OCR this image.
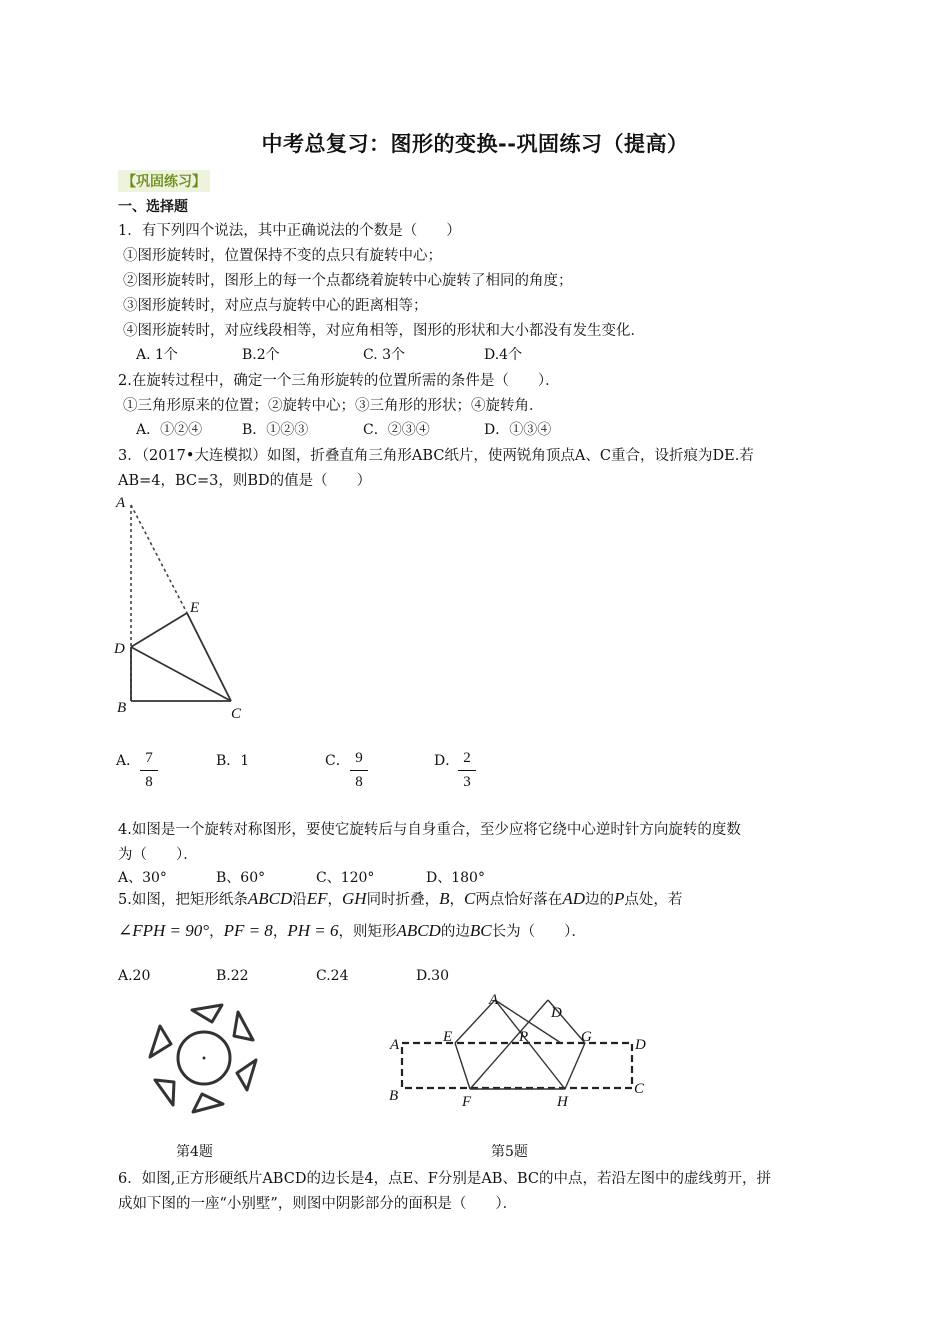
中考总复习：图形的变换--巩固练习（提高）
【巩固练习】
一、选择题
1．有下列四个说法，其中正确说法的个数是（　　）
①图形旋转时，位置保持不变的点只有旋转中心；
②图形旋转时，图形上的每一个点都绕着旋转中心旋转了相同的角度；
③图形旋转时，对应点与旋转中心的距离相等；
④图形旋转时，对应线段相等，对应角相等，图形的形状和大小都没有发生变化．
A. 1个	B.2个	C. 3个	D.4个
2.在旋转过程中，确定一个三角形旋转的位置所需的条件是（　　）．
①三角形原来的位置；②旋转中心；③三角形的形状；④旋转角．
A．①②④	B．①②③	C．②③④	D．①③④
3．（2017•大连模拟）如图，折叠直角三角形ABC纸片，使两锐角顶点A、C重合，设折痕为DE.若
AB=4，BC=3，则BD的值是（　　）
A
E
D
B	C
A． 7
8
B．1	C． 9
8
D． 2
3
4.如图是一个旋转对称图形，要使它旋转后与自身重合，至少应将它绕中心逆时针方向旋转的度数
为（　　）．
A、30°	B、60°	C、120°	D、180°
5.如图，把矩形纸条ABCD沿EF，GH同时折叠，B，C两点恰好落在AD边的P点处，若
∠FPH = 90°，PF = 8，PH = 6，则矩形ABCD的边BC长为（　　）．
A.20	B.22	C.24	D.30
A
D
E	P	G
A	D
B	C
F	H
第4题	第5题
6．如图,正方形硬纸片ABCD的边长是4，点E、F分别是AB、BC的中点，若沿左图中的虚线剪开，拼
成如下图的一座“小别墅”，则图中阴影部分的面积是（　　）．
